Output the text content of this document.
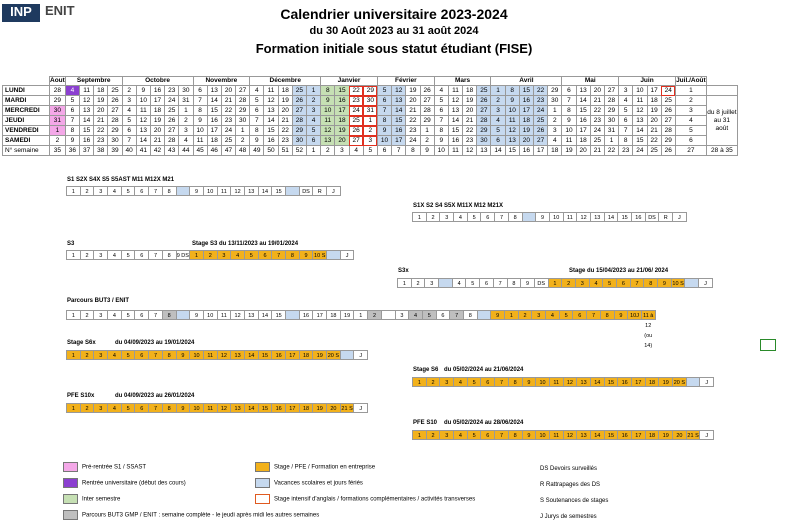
INP	ENIT	Calendrier universitaire 2023-2024
du 30 Août 2023 au 31 août 2024
Formation initiale sous statut étudiant (FISE)
	Aout	Septembre				Octobre					Novembre				Décembre					Janvier				Février				Mars				Avril					Mai				Juin				Juil./Août	
LUNDI	28	4	11	18	25	2	9	16	23	30	6	13	20	27	4	11	18	25	1	8	15	22	29	5	12	19	26	4	11	18	25	1	8	15	22	29	6	13	20	27	3	10	17	24	1	
MARDI	29	5	12	19	26	3	10	17	24	31	7	14	21	28	5	12	19	26	2	9	16	23	30	6	13	20	27	5	12	19	26	2	9	16	23	30	7	14	21	28	4	11	18	25	2	du 8 juillet au 31 août
MERCREDI	30	6	13	20	27	4	11	18	25	1	8	15	22	29	6	13	20	27	3	10	17	24	31	7	14	21	28	6	13	20	27	3	10	17	24	1	8	15	22	29	5	12	19	26	3	
JEUDI	31	7	14	21	28	5	12	19	26	2	9	16	23	30	7	14	21	28	4	11	18	25	1	8	15	22	29	7	14	21	28	4	11	18	25	2	9	16	23	30	6	13	20	27	4	
VENDREDI	1	8	15	22	29	6	13	20	27	3	10	17	24	1	8	15	22	29	5	12	19	26	2	9	16	23	1	8	15	22	29	5	12	19	26	3	10	17	24	31	7	14	21	28	5	
SAMEDI	2	9	16	23	30	7	14	21	28	4	11	18	25	2	9	16	23	30	6	13	20	27	3	10	17	24	2	9	16	23	30	6	13	20	27	4	11	18	25	1	8	15	22	29	6	
N° semaine	35	36	37	38	39	40	41	42	43	44	45	46	47	48	49	50	51	52	1	2	3	4	5	6	7	8	9	10	11	12	13	14	15	16	17	18	19	20	21	22	23	24	25	26	27	28 à 35
S1 S2X S4X S5 S5AST M11 M12X M21
1	2	3	4	5	6	7	8	9	10	11	12	13	14	15	DS	R	J
S1X S2 S4 S5X M11X M12 M21X
1	2	3	4	5	6	7	8	9	10	11	12	13	14	15	16	DS	R	J
S3	Stage S3 du 13/11/2023 au 19/01/2024
1	2	3	4	5	6	7	8	9 DS	1	2	3	4	5	6	7	8	9	10 S	J
S3x	Stage du 15/04/2023 au 21/06/ 2024
1	2	3	4	5	6	7	8	9	DS	1	2	3	4	5	6	7	8	9	10 S	J
Parcours BUT3 / ENIT
1	2	3	4	5	6	7	8	9	10	11	12	13	14	15	16	17	18	19	1	2	3	4	5	6	7	8	9	1	2	3	4	5	6	7	8	9	10J 11 à 12 (ou 14)
Stage S6x	du 04/09/2023 au 19/01/2024
1	2	3	4	5	6	7	8	9	10	11	12	13	14	15	16	17	18	19 20 S	J
Stage S6 du 05/02/2024 au 21/06/2024
1	2	3	4	5	6	7	8	9	10	11	12	13	14	15	16	17	18	19 20 S	J
PFE S10x	du 04/09/2023 au 26/01/2024
1	2	3	4	5	6	7	8	9	10	11	12	13	14	15	16	17	18	19	20 21 S	J
PFE S10 du 05/02/2024 au 28/06/2024
1	2	3	4	5	6	7	8	9	10	11	12	13	14	15	16	17	18	19	20 21 S	J
Pré-rentrée S1 / SSAST
Rentrée universitaire (début des cours)
Inter semestre
Parcours BUT3 GMP / ENIT : semaine complète - le jeudi après midi les autres semaines
Stage / PFE / Formation en entreprise
Vacances scolaires et jours fériés
Stage intensif d'anglais / formations complémentaires / activités transverses
DS Devoirs surveillés
R Rattrapages des DS
S Soutenances de stages
J Jurys de semestres
